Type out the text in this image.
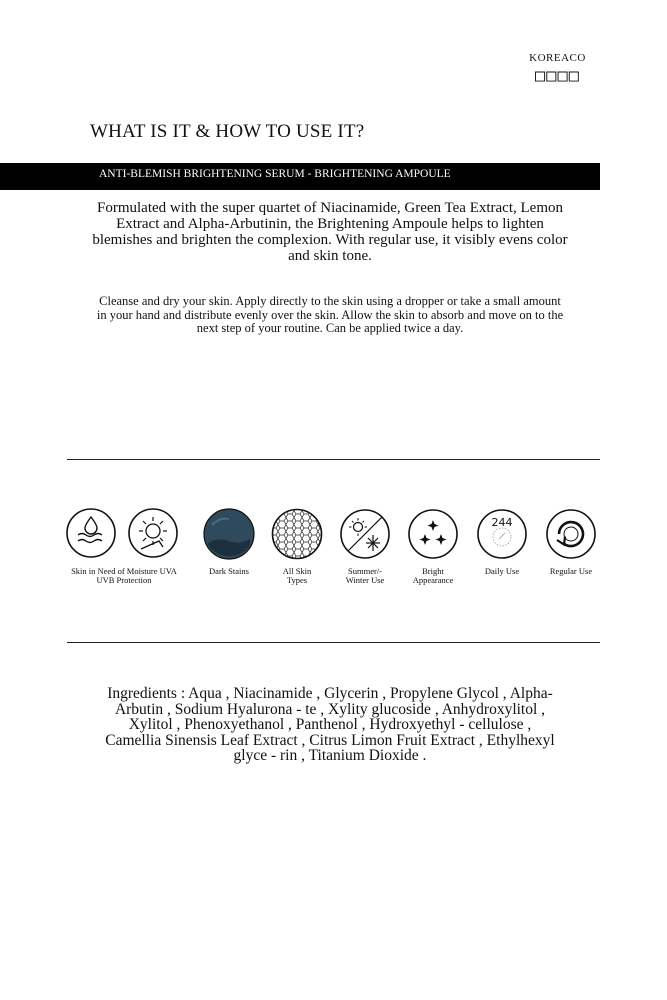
KOREACO
□□□□
WHAT IS IT & HOW TO USE IT?
ANTI-BLEMISH BRIGHTENING SERUM - BRIGHTENING AMPOULE

Formulated with the super quartet of Niacinamide, Green Tea Extract, Lemon Extract and Alpha-Arbutinin, the Brightening Ampoule helps to lighten blemishes and brighten the complexion. With regular use, it visibly evens color and skin tone.

Cleanse and dry your skin. Apply directly to the skin using a dropper or take a small amount in your hand and distribute evenly over the skin. Allow the skin to absorb and move on to the next step of your routine. Can be applied twice a day.

Skin in Need of Moisture UVA UVB Protection
Dark Stains	All Skin Types
Summer/- Winter Use
Bright Appearance
244
Daily Use	Regular Use

Ingredients : Aqua , Niacinamide , Glycerin , Propylene Glycol , Alpha-Arbutin , Sodium Hyalurona - te , Xylity glucoside , Anhydroxylitol , Xylitol , Phenoxyethanol , Panthenol , Hydroxyethyl - cellulose , Camellia Sinensis Leaf Extract , Citrus Limon Fruit Extract , Ethylhexyl glyce - rin , Titanium Dioxide .
